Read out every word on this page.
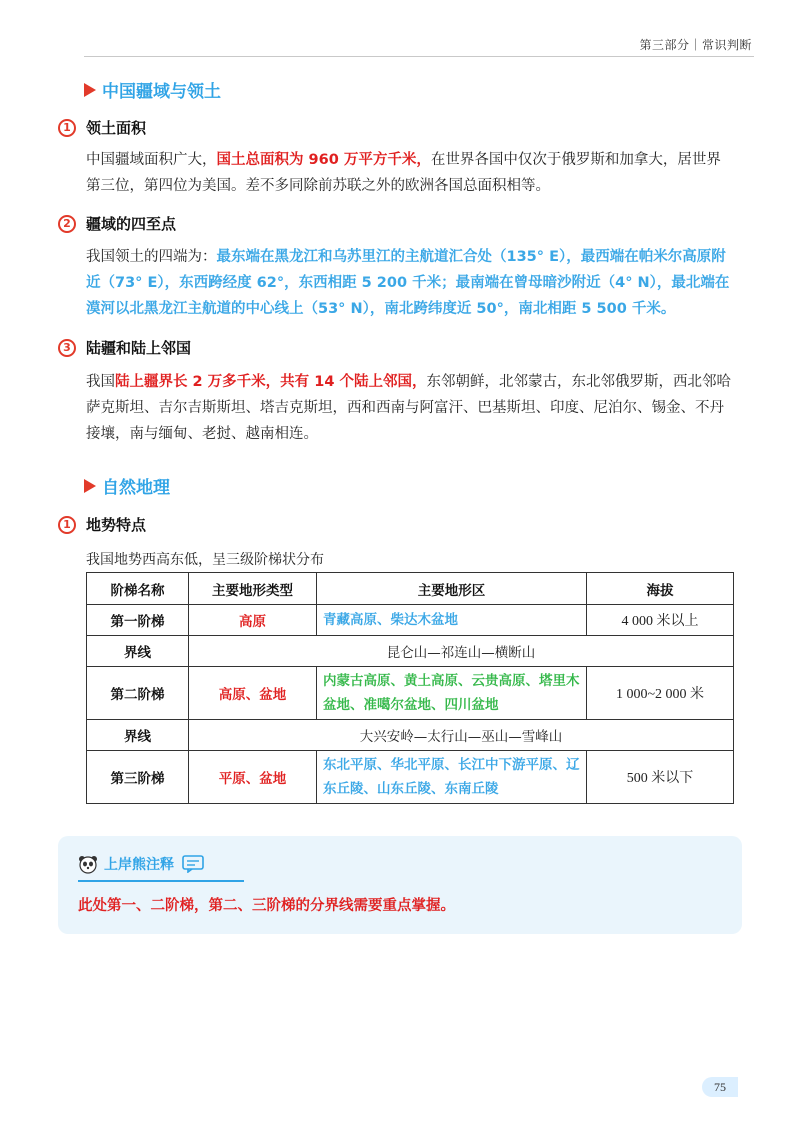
第三部分｜常识判断
中国疆域与领土
1	领土面积
中国疆域面积广大，国土总面积为 960 万平方千米，在世界各国中仅次于俄罗斯和加拿大，居世界第三位，第四位为美国。差不多同除前苏联之外的欧洲各国总面积相等。
2	疆域的四至点
我国领土的四端为：最东端在黑龙江和乌苏里江的主航道汇合处（135° E），最西端在帕米尔高原附近（73° E），东西跨经度 62°，东西相距 5 200 千米；最南端在曾母暗沙附近（4° N），最北端在漠河以北黑龙江主航道的中心线上（53° N），南北跨纬度近 50°，南北相距 5 500 千米。
3	陆疆和陆上邻国
我国陆上疆界长 2 万多千米，共有 14 个陆上邻国，东邻朝鲜，北邻蒙古，东北邻俄罗斯，西北邻哈萨克斯坦、吉尔吉斯斯坦、塔吉克斯坦，西和西南与阿富汗、巴基斯坦、印度、尼泊尔、锡金、不丹接壤，南与缅甸、老挝、越南相连。
自然地理
1	地势特点
我国地势西高东低，呈三级阶梯状分布
阶梯名称	主要地形类型	主要地形区	海拔
第一阶梯	高原	青藏高原、柴达木盆地	4 000 米以上
界线	昆仑山—祁连山—横断山		
第二阶梯	高原、盆地	内蒙古高原、黄土高原、云贵高原、塔里木盆地、准噶尔盆地、四川盆地	1 000~2 000 米
界线	大兴安岭—太行山—巫山—雪峰山		
第三阶梯	平原、盆地	东北平原、华北平原、长江中下游平原、辽东丘陵、山东丘陵、东南丘陵	500 米以下
上岸熊注释
此处第一、二阶梯，第二、三阶梯的分界线需要重点掌握。
75
